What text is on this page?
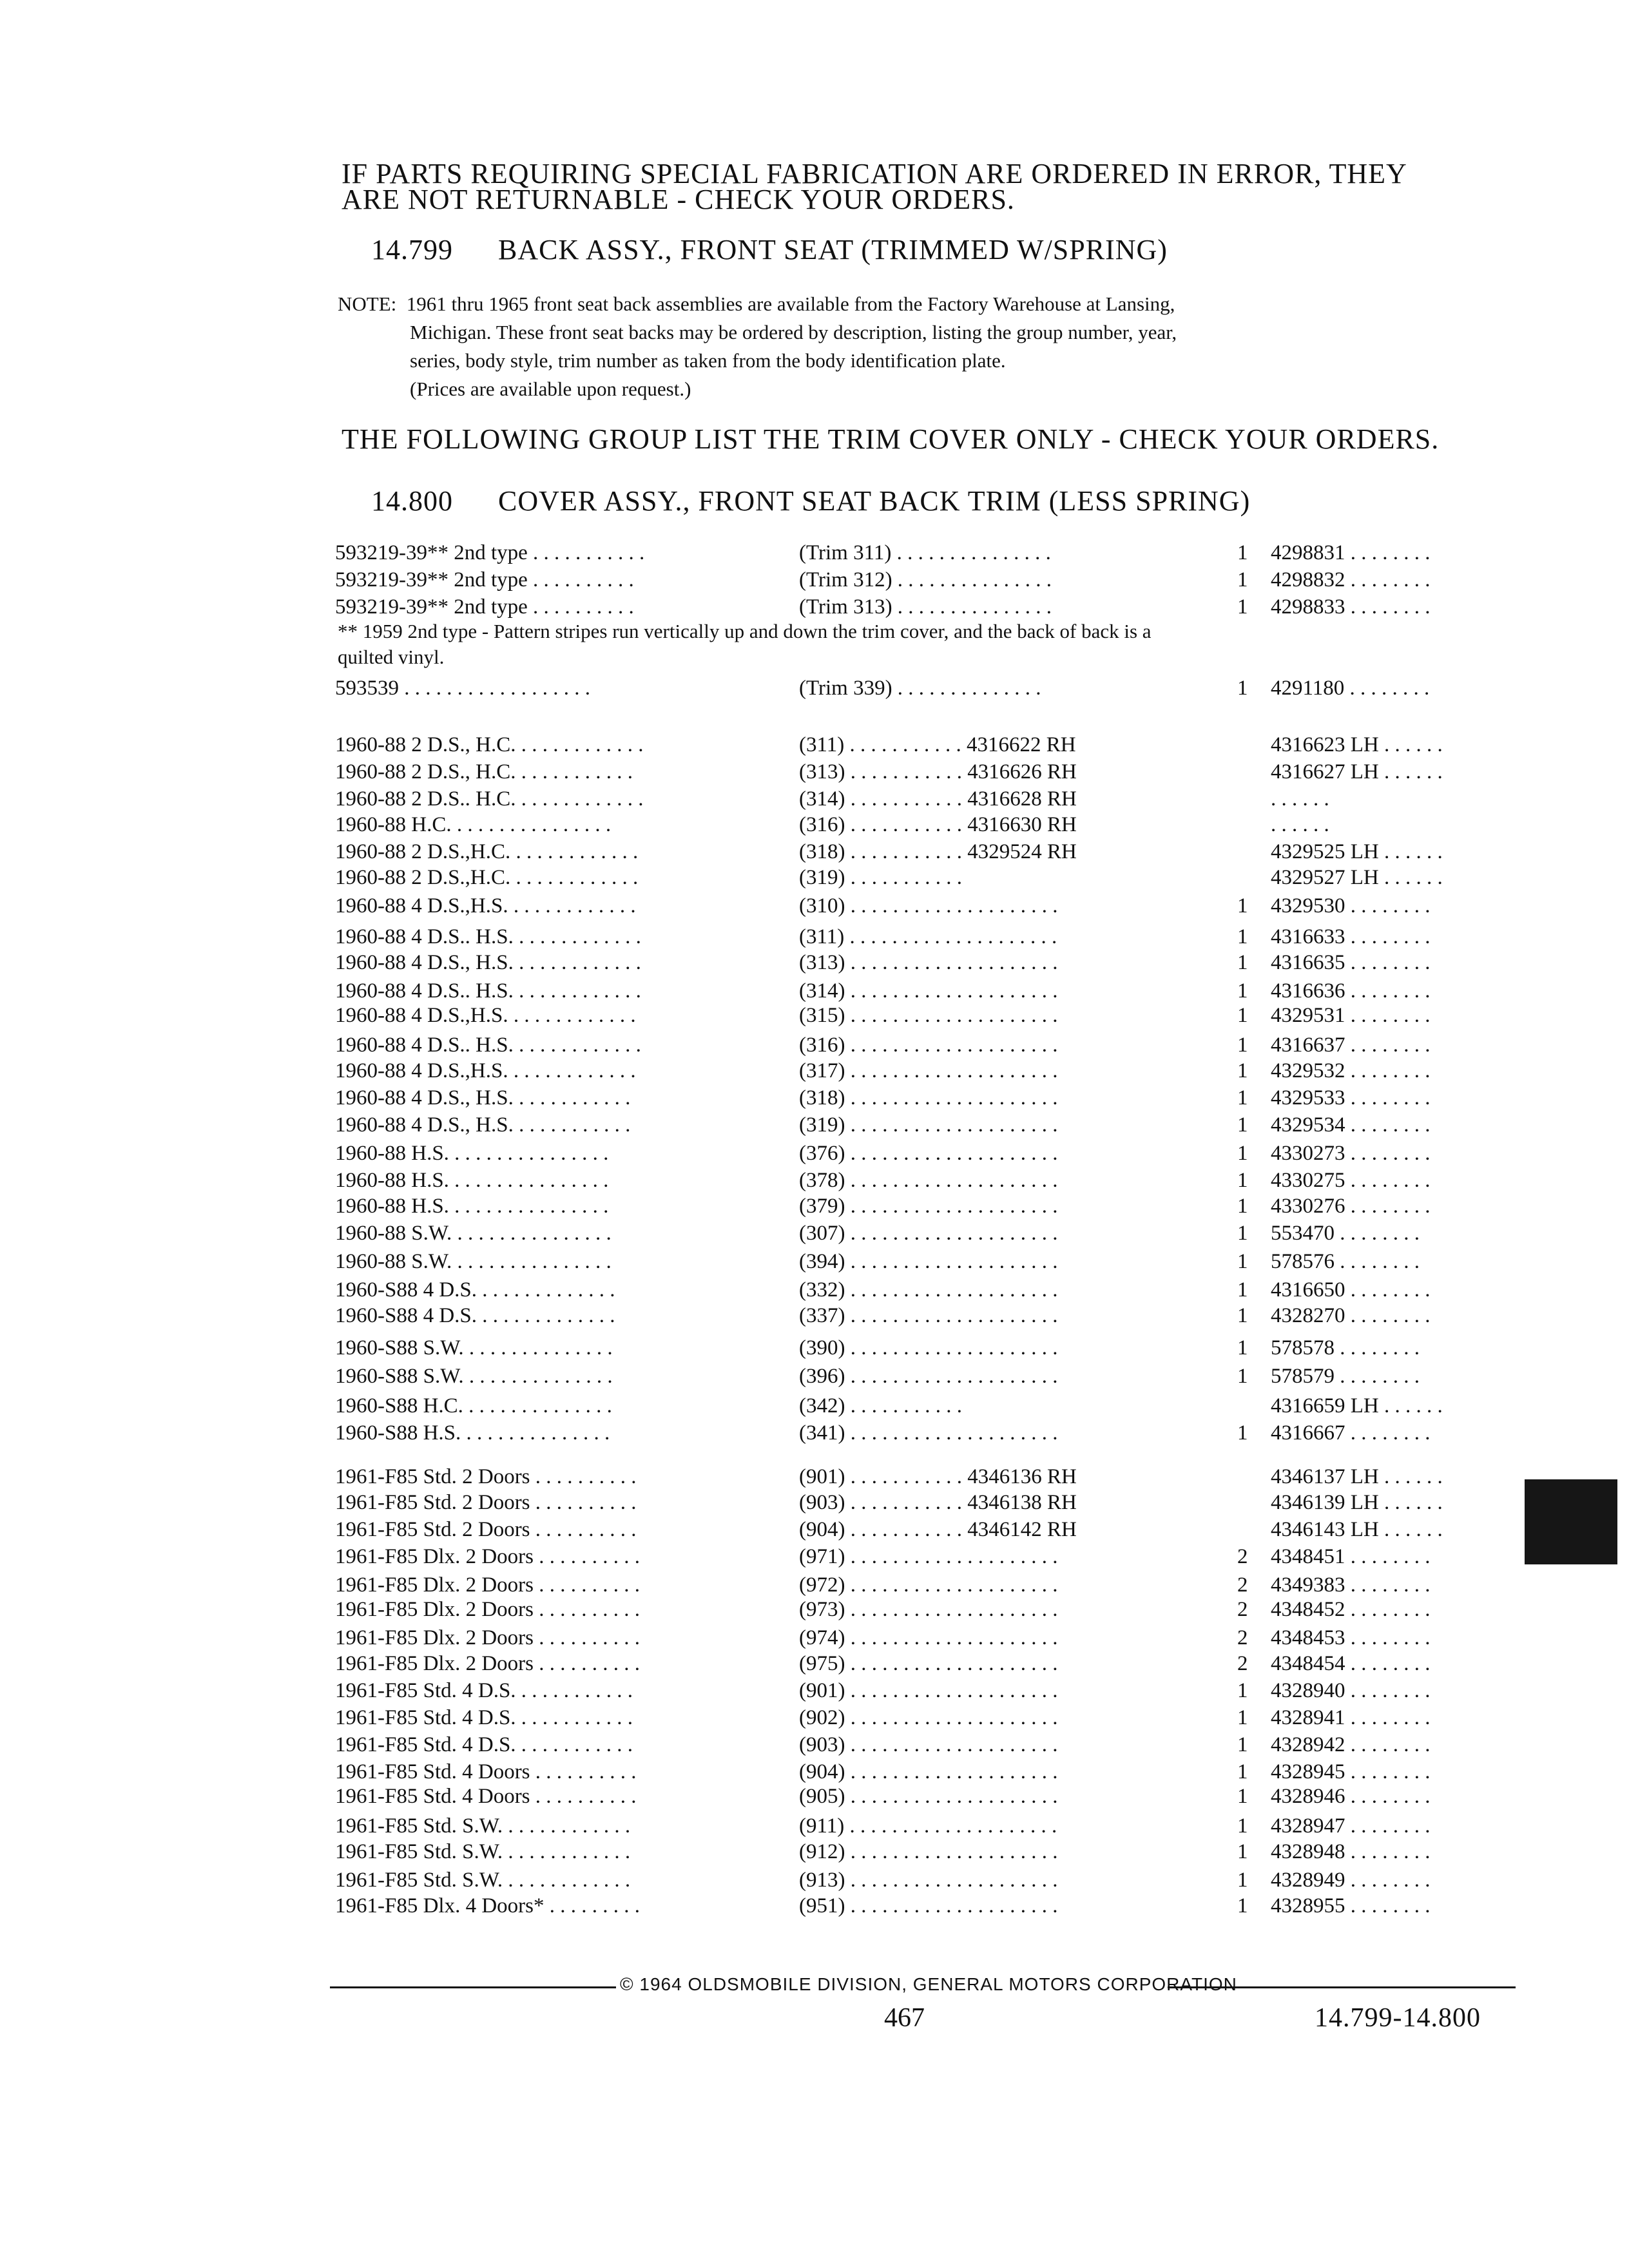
IF PARTS REQUIRING SPECIAL FABRICATION ARE ORDERED IN ERROR, THEY
ARE NOT RETURNABLE - CHECK YOUR ORDERS.
14.799 BACK ASSY., FRONT SEAT (TRIMMED W/SPRING)
NOTE: 1961 thru 1965 front seat back assemblies are available from the Factory Warehouse at Lansing,
Michigan. These front seat backs may be ordered by description, listing the group number, year,
series, body style, trim number as taken from the body identification plate.
(Prices are available upon request.)
THE FOLLOWING GROUP LIST THE TRIM COVER ONLY - CHECK YOUR ORDERS.
14.800 COVER ASSY., FRONT SEAT BACK TRIM (LESS SPRING)
593219-39** 2nd type . . . . . . . . . . .	(Trim 311) . . . . . . . . . . . . . . .	1 4298831 . . . . . . . .
593219-39** 2nd type . . . . . . . . . .	(Trim 312) . . . . . . . . . . . . . . .	1 4298832 . . . . . . . .
593219-39** 2nd type . . . . . . . . . .	(Trim 313) . . . . . . . . . . . . . . .	1 4298833 . . . . . . . .
593539 . . . . . . . . . . . . . . . . . .	(Trim 339) . . . . . . . . . . . . . .	1 4291180 . . . . . . . .
1960-88 2 D.S., H.C. . . . . . . . . . . . .	(311) . . . . . . . . . . . 4316622 RH	4316623 LH . . . . . .
1960-88 2 D.S., H.C. . . . . . . . . . . .	(313) . . . . . . . . . . . 4316626 RH	4316627 LH . . . . . .
1960-88 2 D.S.. H.C. . . . . . . . . . . . .	(314) . . . . . . . . . . . 4316628 RH	. . . . . .
1960-88 H.C. . . . . . . . . . . . . . . .	(316) . . . . . . . . . . . 4316630 RH	. . . . . .
1960-88 2 D.S.,H.C. . . . . . . . . . . . .	(318) . . . . . . . . . . . 4329524 RH	4329525 LH . . . . . .
1960-88 2 D.S.,H.C. . . . . . . . . . . . .	(319) . . . . . . . . . . .	4329527 LH . . . . . .
1960-88 4 D.S.,H.S. . . . . . . . . . . . .	(310) . . . . . . . . . . . . . . . . . . . .	1 4329530 . . . . . . . .
1960-88 4 D.S.. H.S. . . . . . . . . . . . .	(311) . . . . . . . . . . . . . . . . . . . .	1 4316633 . . . . . . . .
1960-88 4 D.S., H.S. . . . . . . . . . . . .	(313) . . . . . . . . . . . . . . . . . . . .	1 4316635 . . . . . . . .
1960-88 4 D.S.. H.S. . . . . . . . . . . . .	(314) . . . . . . . . . . . . . . . . . . . .	1 4316636 . . . . . . . .
1960-88 4 D.S.,H.S. . . . . . . . . . . . .	(315) . . . . . . . . . . . . . . . . . . . .	1 4329531 . . . . . . . .
1960-88 4 D.S.. H.S. . . . . . . . . . . . .	(316) . . . . . . . . . . . . . . . . . . . .	1 4316637 . . . . . . . .
1960-88 4 D.S.,H.S. . . . . . . . . . . . .	(317) . . . . . . . . . . . . . . . . . . . .	1 4329532 . . . . . . . .
1960-88 4 D.S., H.S. . . . . . . . . . . .	(318) . . . . . . . . . . . . . . . . . . . .	1 4329533 . . . . . . . .
1960-88 4 D.S., H.S. . . . . . . . . . . .	(319) . . . . . . . . . . . . . . . . . . . .	1 4329534 . . . . . . . .
1960-88 H.S. . . . . . . . . . . . . . . .	(376) . . . . . . . . . . . . . . . . . . . .	1 4330273 . . . . . . . .
1960-88 H.S. . . . . . . . . . . . . . . .	(378) . . . . . . . . . . . . . . . . . . . .	1 4330275 . . . . . . . .
1960-88 H.S. . . . . . . . . . . . . . . .	(379) . . . . . . . . . . . . . . . . . . . .	1 4330276 . . . . . . . .
1960-88 S.W. . . . . . . . . . . . . . . .	(307) . . . . . . . . . . . . . . . . . . . .	1 553470 . . . . . . . .
1960-88 S.W. . . . . . . . . . . . . . . .	(394) . . . . . . . . . . . . . . . . . . . .	1 578576 . . . . . . . .
1960-S88 4 D.S. . . . . . . . . . . . . .	(332) . . . . . . . . . . . . . . . . . . . .	1 4316650 . . . . . . . .
1960-S88 4 D.S. . . . . . . . . . . . . .	(337) . . . . . . . . . . . . . . . . . . . .	1 4328270 . . . . . . . .
1960-S88 S.W. . . . . . . . . . . . . . .	(390) . . . . . . . . . . . . . . . . . . . .	1 578578 . . . . . . . .
1960-S88 S.W. . . . . . . . . . . . . . .	(396) . . . . . . . . . . . . . . . . . . . .	1 578579 . . . . . . . .
1960-S88 H.C. . . . . . . . . . . . . . .	(342) . . . . . . . . . . .	4316659 LH . . . . . .
1960-S88 H.S. . . . . . . . . . . . . . .	(341) . . . . . . . . . . . . . . . . . . . .	1 4316667 . . . . . . . .
1961-F85 Std. 2 Doors . . . . . . . . . .	(901) . . . . . . . . . . . 4346136 RH	4346137 LH . . . . . .
1961-F85 Std. 2 Doors . . . . . . . . . .	(903) . . . . . . . . . . . 4346138 RH	4346139 LH . . . . . .
1961-F85 Std. 2 Doors . . . . . . . . . .	(904) . . . . . . . . . . . 4346142 RH	4346143 LH . . . . . .
1961-F85 Dlx. 2 Doors . . . . . . . . . .	(971) . . . . . . . . . . . . . . . . . . . .	2 4348451 . . . . . . . .
1961-F85 Dlx. 2 Doors . . . . . . . . . .	(972) . . . . . . . . . . . . . . . . . . . .	2 4349383 . . . . . . . .
1961-F85 Dlx. 2 Doors . . . . . . . . . .	(973) . . . . . . . . . . . . . . . . . . . .	2 4348452 . . . . . . . .
1961-F85 Dlx. 2 Doors . . . . . . . . . .	(974) . . . . . . . . . . . . . . . . . . . .	2 4348453 . . . . . . . .
1961-F85 Dlx. 2 Doors . . . . . . . . . .	(975) . . . . . . . . . . . . . . . . . . . .	2 4348454 . . . . . . . .
1961-F85 Std. 4 D.S. . . . . . . . . . . .	(901) . . . . . . . . . . . . . . . . . . . .	1 4328940 . . . . . . . .
1961-F85 Std. 4 D.S. . . . . . . . . . . .	(902) . . . . . . . . . . . . . . . . . . . .	1 4328941 . . . . . . . .
1961-F85 Std. 4 D.S. . . . . . . . . . . .	(903) . . . . . . . . . . . . . . . . . . . .	1 4328942 . . . . . . . .
1961-F85 Std. 4 Doors . . . . . . . . . .	(904) . . . . . . . . . . . . . . . . . . . .	1 4328945 . . . . . . . .
1961-F85 Std. 4 Doors . . . . . . . . . .	(905) . . . . . . . . . . . . . . . . . . . .	1 4328946 . . . . . . . .
1961-F85 Std. S.W. . . . . . . . . . . . .	(911) . . . . . . . . . . . . . . . . . . . .	1 4328947 . . . . . . . .
1961-F85 Std. S.W. . . . . . . . . . . . .	(912) . . . . . . . . . . . . . . . . . . . .	1 4328948 . . . . . . . .
1961-F85 Std. S.W. . . . . . . . . . . . .	(913) . . . . . . . . . . . . . . . . . . . .	1 4328949 . . . . . . . .
1961-F85 Dlx. 4 Doors* . . . . . . . . .	(951) . . . . . . . . . . . . . . . . . . . .	1 4328955 . . . . . . . .
** 1959 2nd type - Pattern stripes run vertically up and down the trim cover, and the back of back is a
quilted vinyl.
© 1964 OLDSMOBILE DIVISION, GENERAL MOTORS CORPORATION
467	14.799-14.800
